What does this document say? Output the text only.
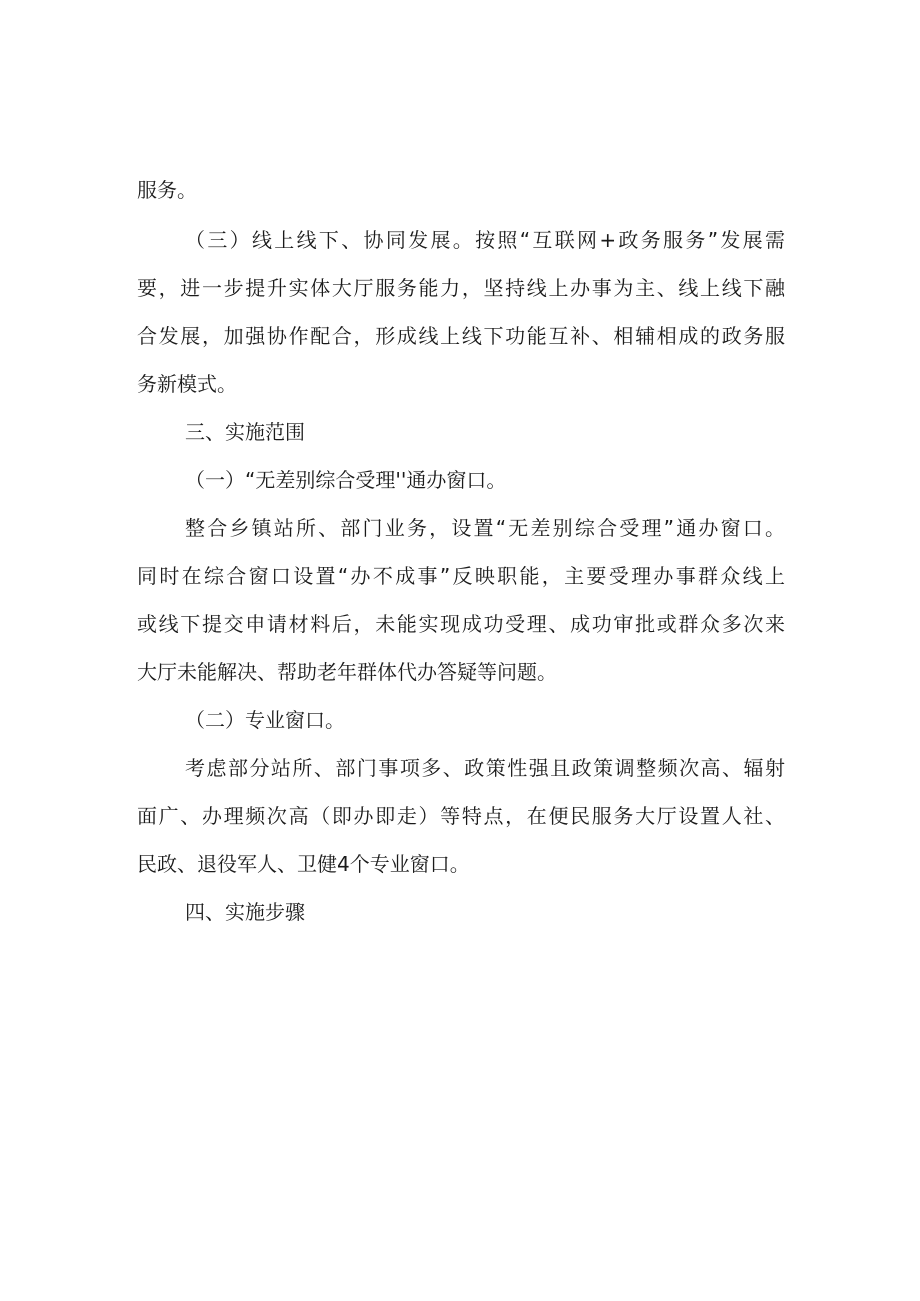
服务。
（三）线上线下、协同发展。按照“互联网+政务服务”发展需
要，进一步提升实体大厅服务能力，坚持线上办事为主、线上线下融
合发展，加强协作配合，形成线上线下功能互补、相辅相成的政务服
务新模式。
三、实施范围
（一）“无差别综合受理''通办窗口。
整合乡镇站所、部门业务，设置“无差别综合受理”通办窗口。
同时在综合窗口设置“办不成事”反映职能，主要受理办事群众线上
或线下提交申请材料后，未能实现成功受理、成功审批或群众多次来
大厅未能解决、帮助老年群体代办答疑等问题。
（二）专业窗口。
考虑部分站所、部门事项多、政策性强且政策调整频次高、辐射
面广、办理频次高（即办即走）等特点，在便民服务大厅设置人社、
民政、退役军人、卫健4个专业窗口。
四、实施步骤
